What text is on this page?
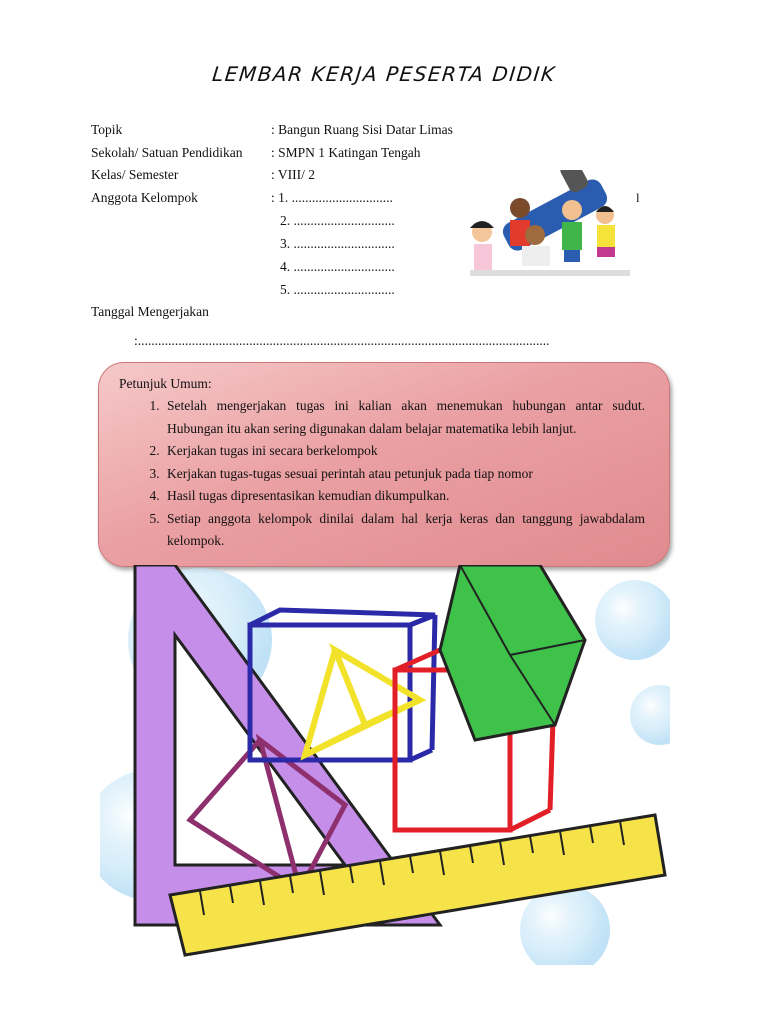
LEMBAR KERJA PESERTA DIDIK
Topik	: Bangun Ruang Sisi Datar Limas
Sekolah/ Satuan Pendidikan : SMPN 1 Katingan Tengah
Kelas/ Semester	: VIII/ 2
Anggota Kelompok	: 1. ..............................
2. ..............................
3. ..............................
4. ..............................
5. ..............................
l
Tanggal Mengerjakan
:..........................................................................................................................
Petunjuk Umum:
1. Setelah mengerjakan tugas ini kalian akan menemukan hubungan antar sudut. Hubungan itu akan sering digunakan dalam belajar matematika lebih lanjut.
2. Kerjakan tugas ini secara berkelompok
3. Kerjakan tugas-tugas sesuai perintah atau petunjuk pada tiap nomor
4. Hasil tugas dipresentasikan kemudian dikumpulkan.
5. Setiap anggota kelompok dinilai dalam hal kerja keras dan tanggung jawabdalam kelompok.
